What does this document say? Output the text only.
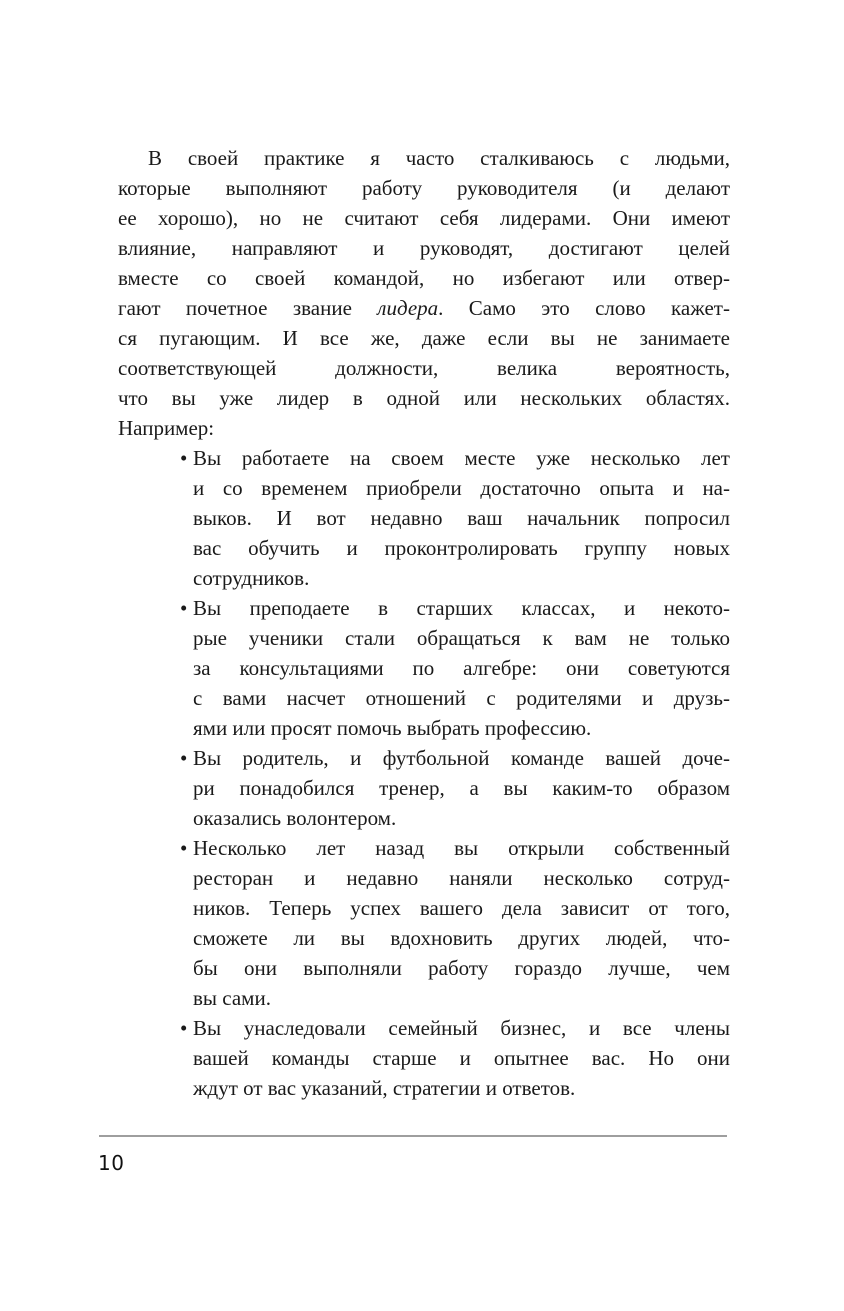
В своей практике я часто сталкиваюсь с людьми,
которые выполняют работу руководителя (и делают
ее хорошо), но не считают себя лидерами. Они имеют
влияние, направляют и руководят, достигают целей
вместе со своей командой, но избегают или отвер-
гают почетное звание лидера. Само это слово кажет-
ся пугающим. И все же, даже если вы не занимаете
соответствующей должности, велика вероятность,
что вы уже лидер в одной или нескольких областях.
Например:
• Вы работаете на своем месте уже несколько лет
и со временем приобрели достаточно опыта и на-
выков. И вот недавно ваш начальник попросил
вас обучить и проконтролировать группу новых
сотрудников.
• Вы преподаете в старших классах, и некото-
рые ученики стали обращаться к вам не только
за консультациями по алгебре: они советуются
с вами насчет отношений с родителями и друзь-
ями или просят помочь выбрать профессию.
• Вы родитель, и футбольной команде вашей доче-
ри понадобился тренер, а вы каким-то образом
оказались волонтером.
• Несколько лет назад вы открыли собственный
ресторан и недавно наняли несколько сотруд-
ников. Теперь успех вашего дела зависит от того,
сможете ли вы вдохновить других людей, что-
бы они выполняли работу гораздо лучше, чем
вы сами.
• Вы унаследовали семейный бизнес, и все члены
вашей команды старше и опытнее вас. Но они
ждут от вас указаний, стратегии и ответов.
10
